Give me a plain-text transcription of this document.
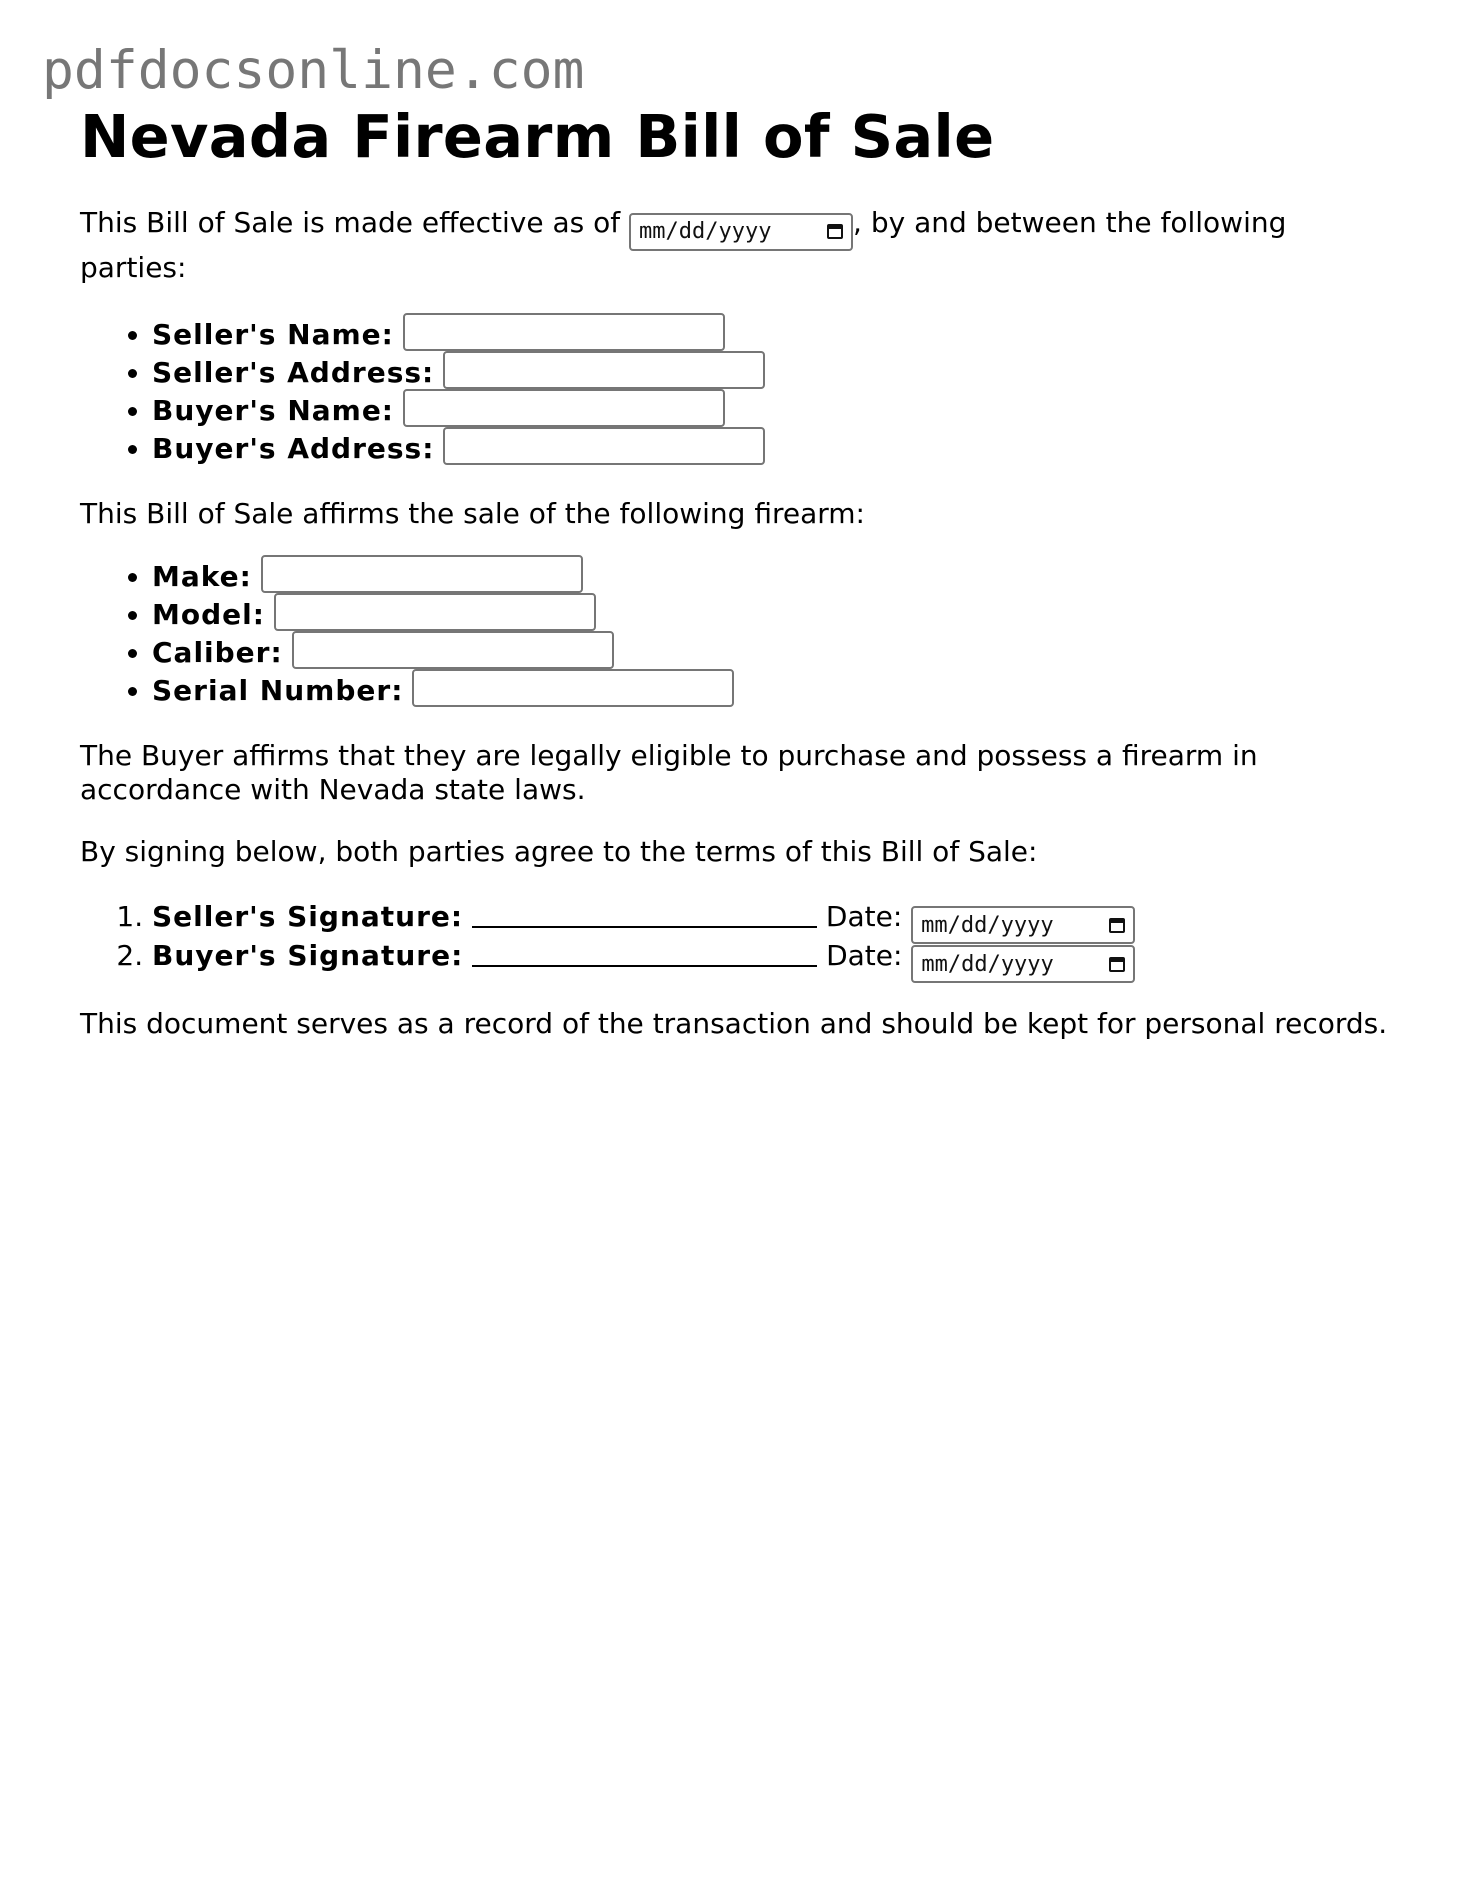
pdfdocsonline.com
Nevada Firearm Bill of Sale

This Bill of Sale is made effective as of mm/dd/yyyy	, by and between the following parties:

• Seller's Name:
• Seller's Address:
• Buyer's Name:
• Buyer's Address:

This Bill of Sale affirms the sale of the following firearm:

• Make:
• Model:
• Caliber:
• Serial Number:

The Buyer affirms that they are legally eligible to purchase and possess a firearm in accordance with Nevada state laws.

By signing below, both parties agree to the terms of this Bill of Sale:

1. Seller's Signature:	Date: mm/dd/yyyy
2. Buyer's Signature:	Date: mm/dd/yyyy

This document serves as a record of the transaction and should be kept for personal records.
